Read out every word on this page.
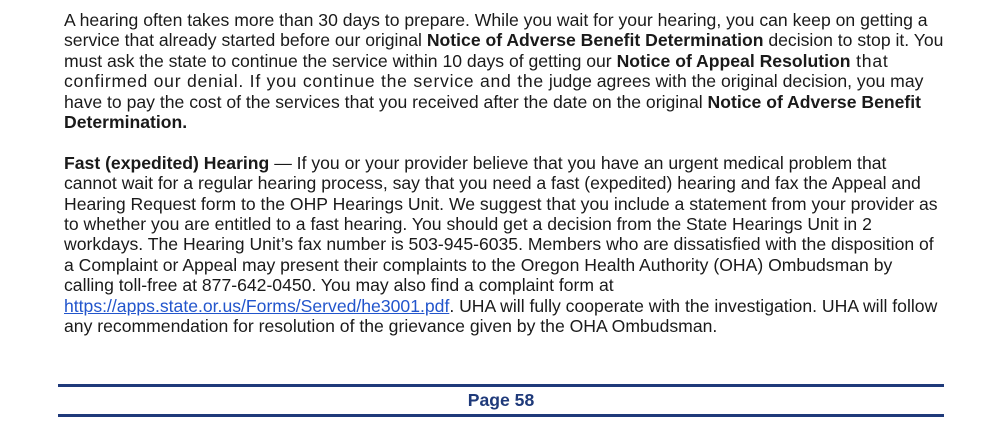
A hearing often takes more than 30 days to prepare. While you wait for your hearing, you can keep on getting a service that already started before our original Notice of Adverse Benefit Determination decision to stop it. You must ask the state to continue the service within 10 days of getting our Notice of Appeal Resolution that confirmed our denial. If you continue the service and the judge agrees with the original decision, you may have to pay the cost of the services that you received after the date on the original Notice of Adverse Benefit Determination.

Fast (expedited) Hearing — If you or your provider believe that you have an urgent medical problem that cannot wait for a regular hearing process, say that you need a fast (expedited) hearing and fax the Appeal and Hearing Request form to the OHP Hearings Unit. We suggest that you include a statement from your provider as to whether you are entitled to a fast hearing. You should get a decision from the State Hearings Unit in 2 workdays. The Hearing Unit’s fax number is 503-945-6035. Members who are dissatisfied with the disposition of a Complaint or Appeal may present their complaints to the Oregon Health Authority (OHA) Ombudsman by calling toll-free at 877-642-0450. You may also find a complaint form at https://apps.state.or.us/Forms/Served/he3001.pdf. UHA will fully cooperate with the investigation. UHA will follow any recommendation for resolution of the grievance given by the OHA Ombudsman.

Page 58
